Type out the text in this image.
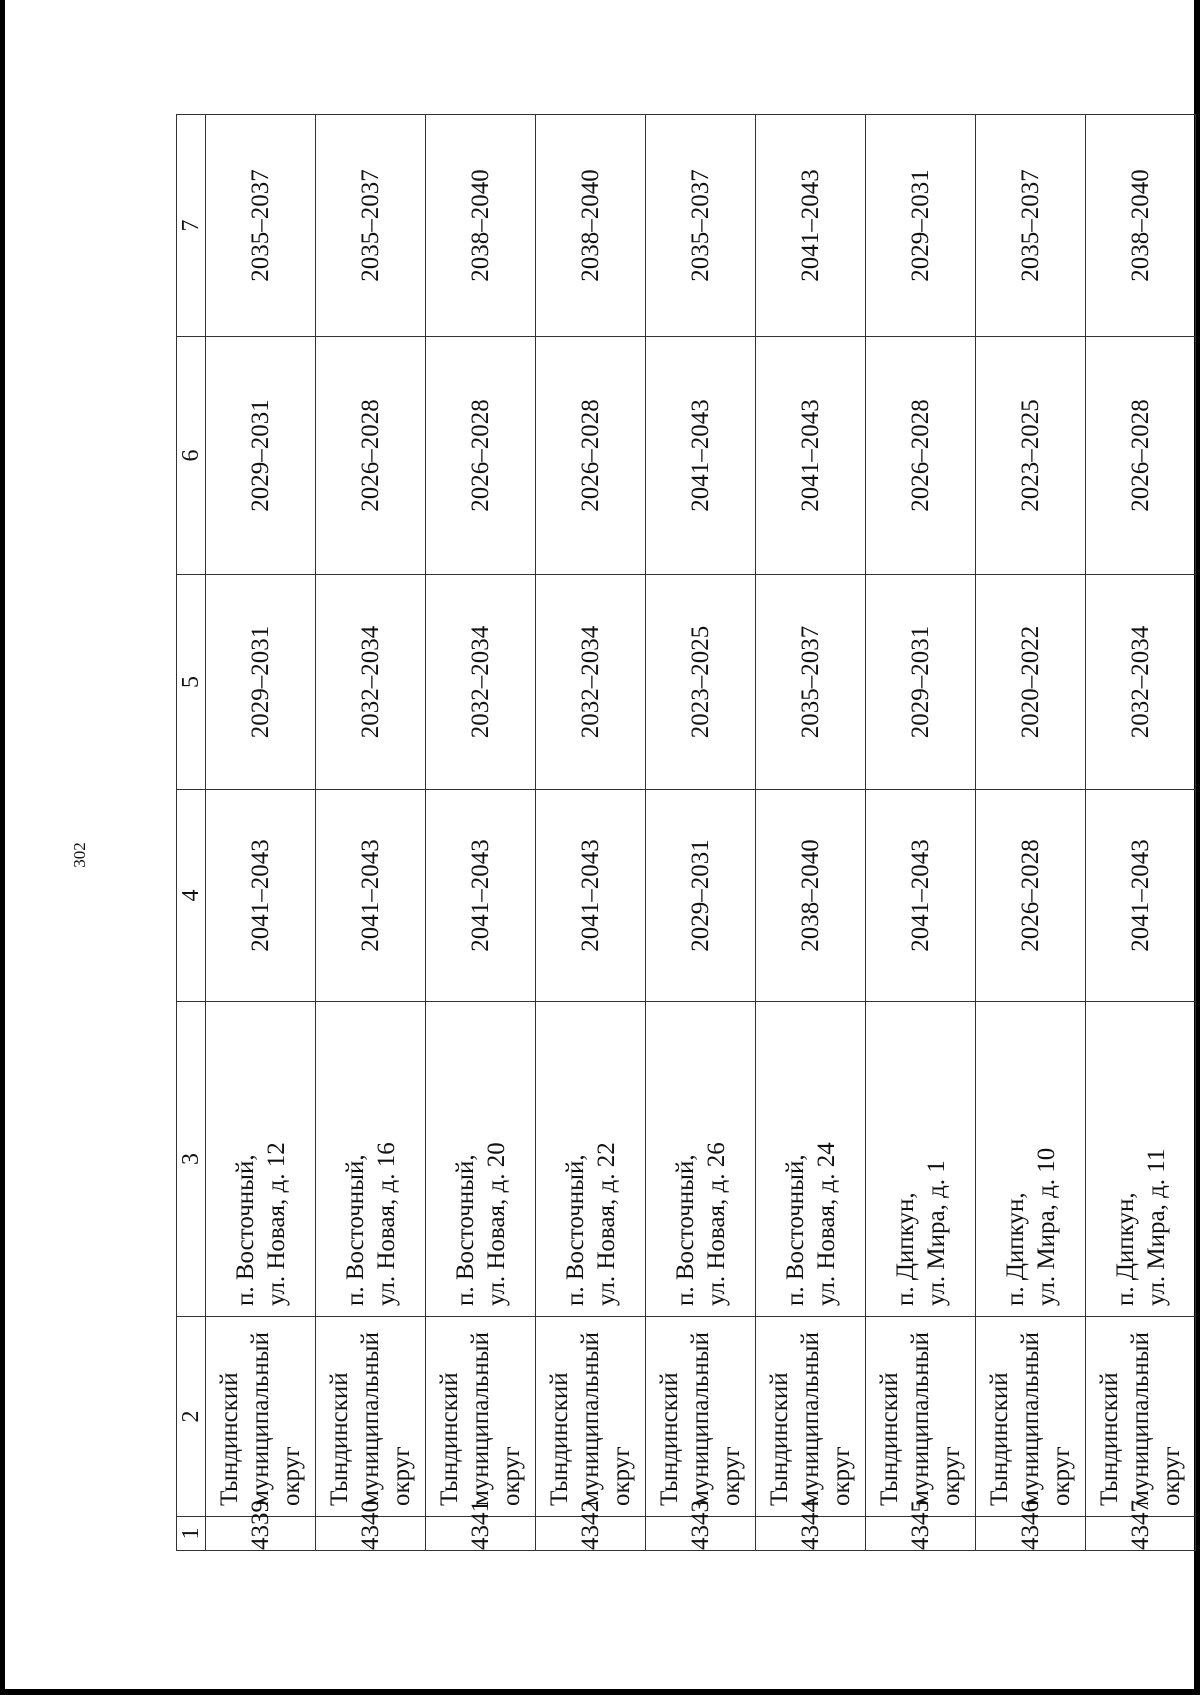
302
1	2	3	4	5	6	7
4339	Тындинский муниципальный округ	п. Восточный, ул. Новая, д. 12	2041–2043	2029–2031	2029–2031	2035–2037
4340	Тындинский муниципальный округ	п. Восточный, ул. Новая, д. 16	2041–2043	2032–2034	2026–2028	2035–2037
4341	Тындинский муниципальный округ	п. Восточный, ул. Новая, д. 20	2041–2043	2032–2034	2026–2028	2038–2040
4342	Тындинский муниципальный округ	п. Восточный, ул. Новая, д. 22	2041–2043	2032–2034	2026–2028	2038–2040
4343	Тындинский муниципальный округ	п. Восточный, ул. Новая, д. 26	2029–2031	2023–2025	2041–2043	2035–2037
4344	Тындинский муниципальный округ	п. Восточный, ул. Новая, д. 24	2038–2040	2035–2037	2041–2043	2041–2043
4345	Тындинский муниципальный округ	п. Дипкун, ул. Мира, д. 1	2041–2043	2029–2031	2026–2028	2029–2031
4346	Тындинский муниципальный округ	п. Дипкун, ул. Мира, д. 10	2026–2028	2020–2022	2023–2025	2035–2037
4347	Тындинский муниципальный округ	п. Дипкун, ул. Мира, д. 11	2041–2043	2032–2034	2026–2028	2038–2040
